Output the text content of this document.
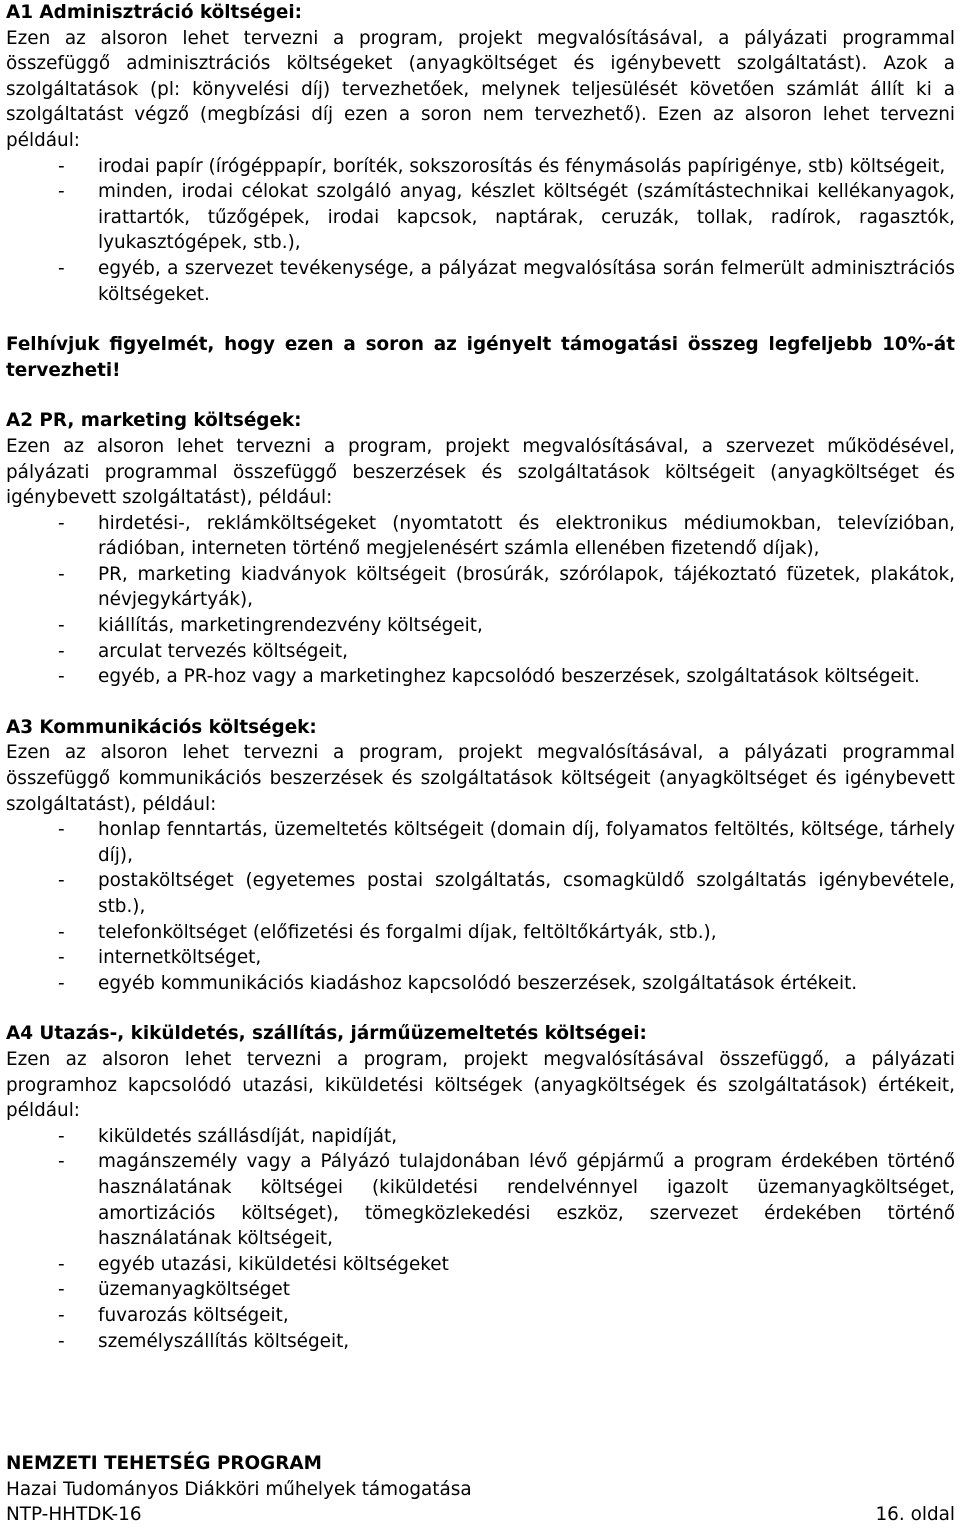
A1 Adminisztráció költségei:

Ezen az alsoron lehet tervezni a program, projekt megvalósításával, a pályázati programmal összefüggő adminisztrációs költségeket (anyagköltséget és igénybevett szolgáltatást). Azok a szolgáltatások (pl: könyvelési díj) tervezhetőek, melynek teljesülését követően számlát állít ki a szolgáltatást végző (megbízási díj ezen a soron nem tervezhető). Ezen az alsoron lehet tervezni például:

- irodai papír (írógéppapír, boríték, sokszorosítás és fénymásolás papírigénye, stb) költségeit,
- minden, irodai célokat szolgáló anyag, készlet költségét (számítástechnikai kellékanyagok, irattartók, tűzőgépek, irodai kapcsok, naptárak, ceruzák, tollak, radírok, ragasztók, lyukasztógépek, stb.),
- egyéb, a szervezet tevékenysége, a pályázat megvalósítása során felmerült adminisztrációs költségeket.

Felhívjuk figyelmét, hogy ezen a soron az igényelt támogatási összeg legfeljebb 10%-át tervezheti!

A2 PR, marketing költségek:

Ezen az alsoron lehet tervezni a program, projekt megvalósításával, a szervezet működésével, pályázati programmal összefüggő beszerzések és szolgáltatások költségeit (anyagköltséget és igénybevett szolgáltatást), például:

- hirdetési-, reklámköltségeket (nyomtatott és elektronikus médiumokban, televízióban, rádióban, interneten történő megjelenésért számla ellenében fizetendő díjak),
- PR, marketing kiadványok költségeit (brosúrák, szórólapok, tájékoztató füzetek, plakátok, névjegykártyák),
- kiállítás, marketingrendezvény költségeit,
- arculat tervezés költségeit,
- egyéb, a PR-hoz vagy a marketinghez kapcsolódó beszerzések, szolgáltatások költségeit.
A3 Kommunikációs költségek:

Ezen az alsoron lehet tervezni a program, projekt megvalósításával, a pályázati programmal összefüggő kommunikációs beszerzések és szolgáltatások költségeit (anyagköltséget és igénybevett szolgáltatást), például:

- honlap fenntartás, üzemeltetés költségeit (domain díj, folyamatos feltöltés, költsége, tárhely díj),
- postaköltséget (egyetemes postai szolgáltatás, csomagküldő szolgáltatás igénybevétele, stb.),
- telefonköltséget (előfizetési és forgalmi díjak, feltöltőkártyák, stb.),
- internetköltséget,
- egyéb kommunikációs kiadáshoz kapcsolódó beszerzések, szolgáltatások értékeit.
A4 Utazás-, kiküldetés, szállítás, járműüzemeltetés költségei:

Ezen az alsoron lehet tervezni a program, projekt megvalósításával összefüggő, a pályázati programhoz kapcsolódó utazási, kiküldetési költségek (anyagköltségek és szolgáltatások) értékeit, például:

- kiküldetés szállásdíját, napidíját,
- magánszemély vagy a Pályázó tulajdonában lévő gépjármű a program érdekében történő használatának költségei (kiküldetési rendelvénnyel igazolt üzemanyagköltséget, amortizációs költséget), tömegközlekedési eszköz, szervezet érdekében történő használatának költségeit,
- egyéb utazási, kiküldetési költségeket
- üzemanyagköltséget
- fuvarozás költségeit,
- személyszállítás költségeit,
NEMZETI TEHETSÉG PROGRAM
Hazai Tudományos Diákköri műhelyek támogatása
NTP-HHTDK-16	16. oldal
